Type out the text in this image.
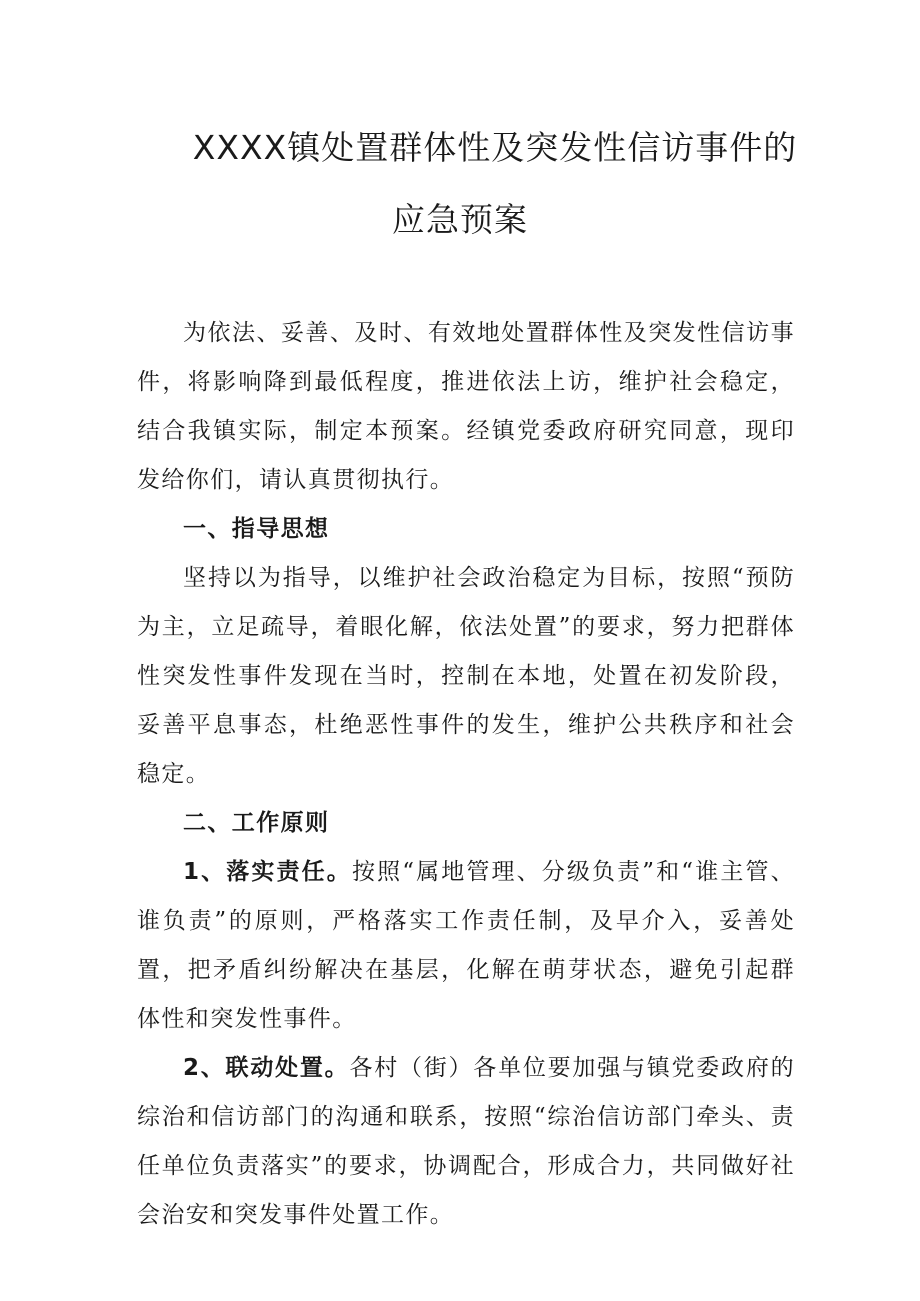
XXXX镇处置群体性及突发性信访事件的
应急预案

为依法、妥善、及时、有效地处置群体性及突发性信访事件，将影响降到最低程度，推进依法上访，维护社会稳定，结合我镇实际，制定本预案。经镇党委政府研究同意，现印发给你们，请认真贯彻执行。

一、指导思想

坚持以为指导，以维护社会政治稳定为目标，按照“预防为主，立足疏导，着眼化解，依法处置”的要求，努力把群体性突发性事件发现在当时，控制在本地，处置在初发阶段，妥善平息事态，杜绝恶性事件的发生，维护公共秩序和社会稳定。

二、工作原则

1、落实责任。按照“属地管理、分级负责”和“谁主管、谁负责”的原则，严格落实工作责任制，及早介入，妥善处置，把矛盾纠纷解决在基层，化解在萌芽状态，避免引起群体性和突发性事件。

2、联动处置。各村（街）各单位要加强与镇党委政府的综治和信访部门的沟通和联系，按照“综治信访部门牵头、责任单位负责落实”的要求，协调配合，形成合力，共同做好社会治安和突发事件处置工作。
